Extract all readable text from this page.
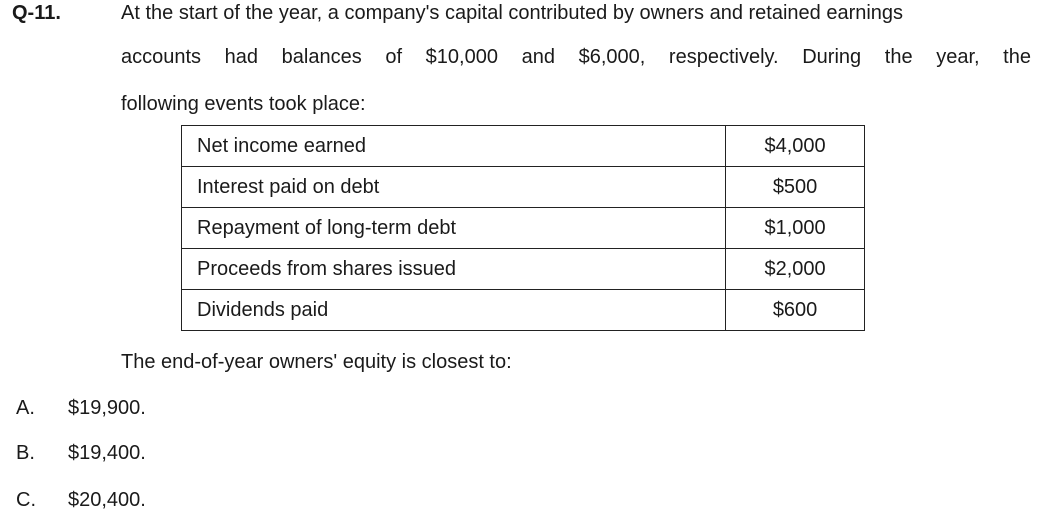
Q-11.	At the start of the year, a company's capital contributed by owners and retained earnings
accounts had balances of $10,000 and $6,000, respectively. During the year, the
following events took place:
Net income earned	$4,000
Interest paid on debt	$500
Repayment of long-term debt	$1,000
Proceeds from shares issued	$2,000
Dividends paid	$600
The end-of-year owners' equity is closest to:
A. $19,900.
B. $19,400.
C. $20,400.
